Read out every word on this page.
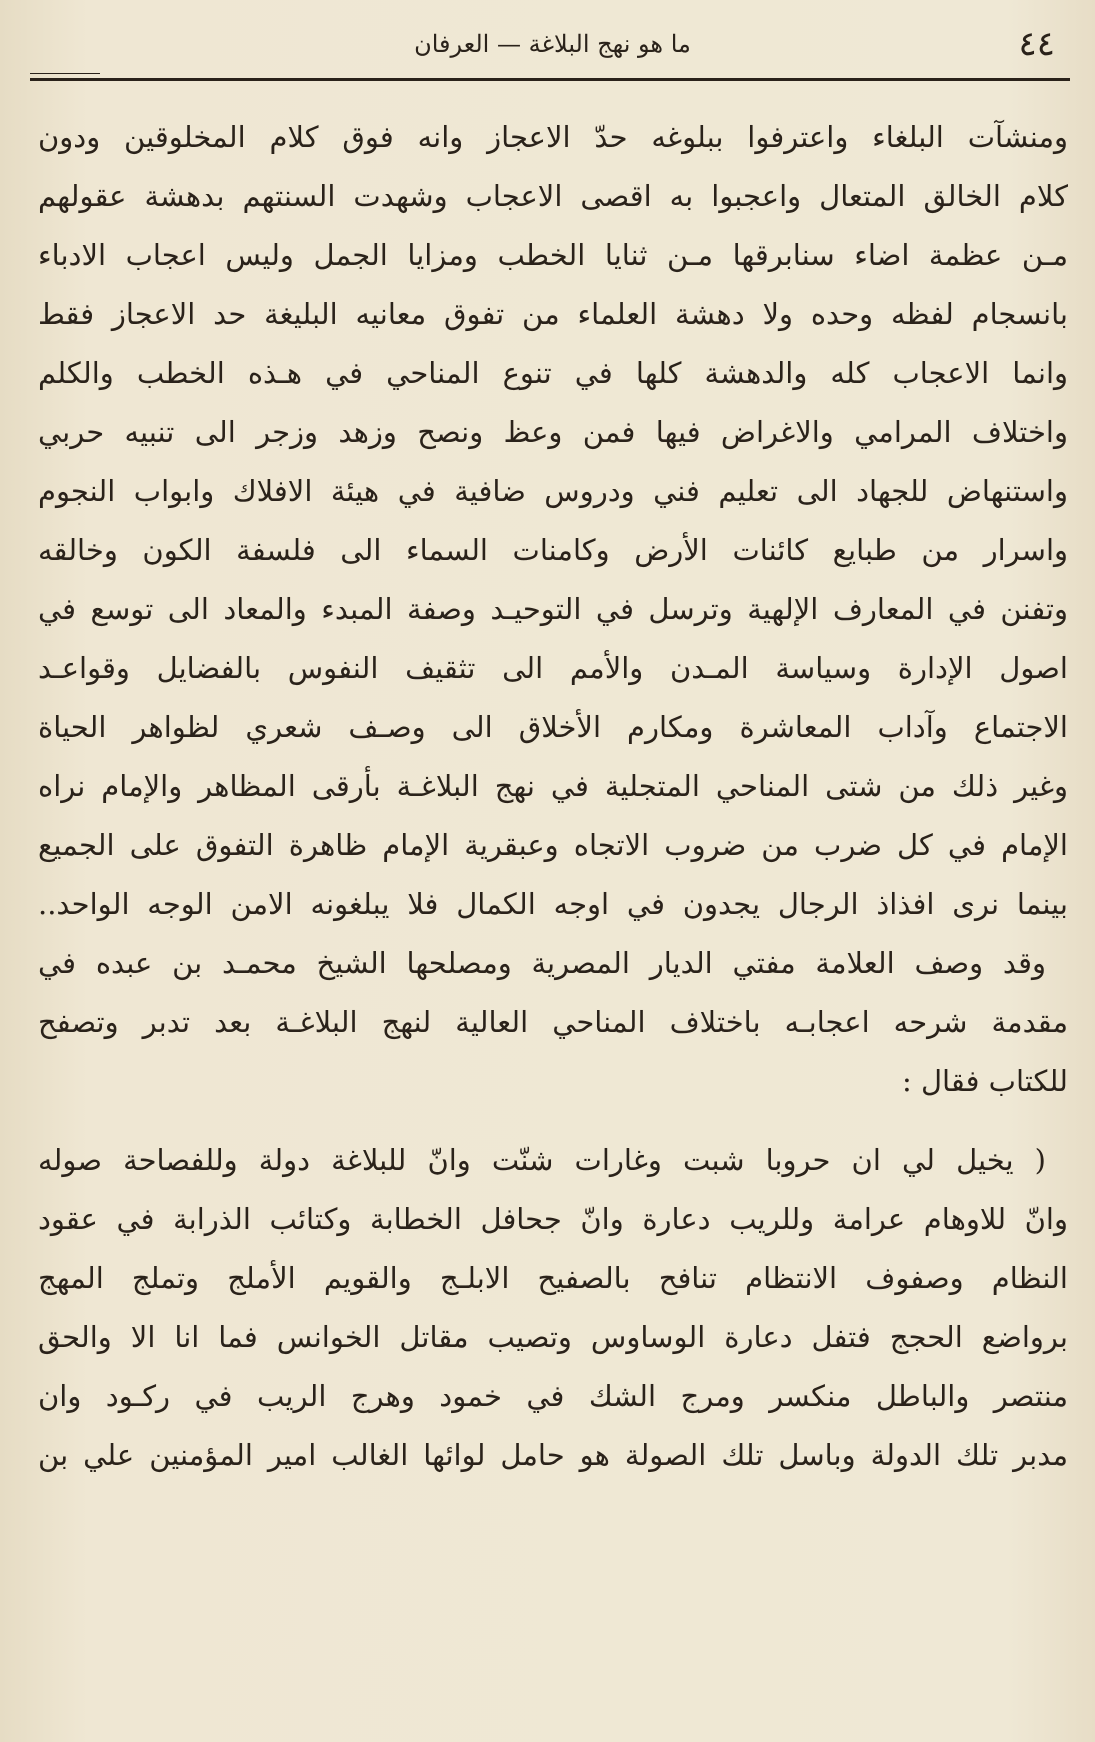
٤٤
ما هو نهج البلاغة — العرفان
ومنشآت البلغاء واعترفوا ببلوغه حدّ الاعجاز وانه فوق كلام المخلوقين ودون
كلام الخالق المتعال واعجبوا به اقصى الاعجاب وشهدت السنتهم بدهشة عقولهم
مـن عظمة اضاء سنابرقها مـن ثنايا الخطب ومزايا الجمل وليس اعجاب الادباء
بانسجام لفظه وحده ولا دهشة العلماء من تفوق معانيه البليغة حد الاعجاز فقط
وانما الاعجاب كله والدهشة كلها في تنوع المناحي في هـذه الخطب والكلم
واختلاف المرامي والاغراض فيها فمن وعظ ونصح وزهد وزجر الى تنبيه حربي
واستنهاض للجهاد الى تعليم فني ودروس ضافية في هيئة الافلاك وابواب النجوم
واسرار من طبايع كائنات الأرض وكامنات السماء الى فلسفة الكون وخالقه
وتفنن في المعارف الإلهية وترسل في التوحيـد وصفة المبدء والمعاد الى توسع في
اصول الإدارة وسياسة المـدن والأمم الى تثقيف النفوس بالفضايل وقواعـد
الاجتماع وآداب المعاشرة ومكارم الأخلاق الى وصـف شعري لظواهر الحياة
وغير ذلك من شتى المناحي المتجلية في نهج البلاغـة بأرقى المظاهر والإمام نراه
الإمام في كل ضرب من ضروب الاتجاه وعبقرية الإمام ظاهرة التفوق على الجميع
بينما نرى افذاذ الرجال يجدون في اوجه الكمال فلا يبلغونه الامن الوجه الواحد..
وقد وصف العلامة مفتي الديار المصرية ومصلحها الشيخ محمـد بن عبده في
مقدمة شرحه اعجابـه باختلاف المناحي العالية لنهج البلاغـة بعد تدبر وتصفح
للكتاب فقال :
( يخيل لي ان حروبا شبت وغارات شنّت وانّ للبلاغة دولة وللفصاحة صوله
وانّ للاوهام عرامة وللريب دعارة وانّ جحافل الخطابة وكتائب الذرابة في عقود
النظام وصفوف الانتظام تنافح بالصفيح الابلـج والقويم الأملج وتملج المهج
برواضع الحجج فتفل دعارة الوساوس وتصيب مقاتل الخوانس فما انا الا والحق
منتصر والباطل منكسر ومرج الشك في خمود وهرج الريب في ركـود وان
مدبر تلك الدولة وباسل تلك الصولة هو حامل لوائها الغالب امير المؤمنين علي بن
